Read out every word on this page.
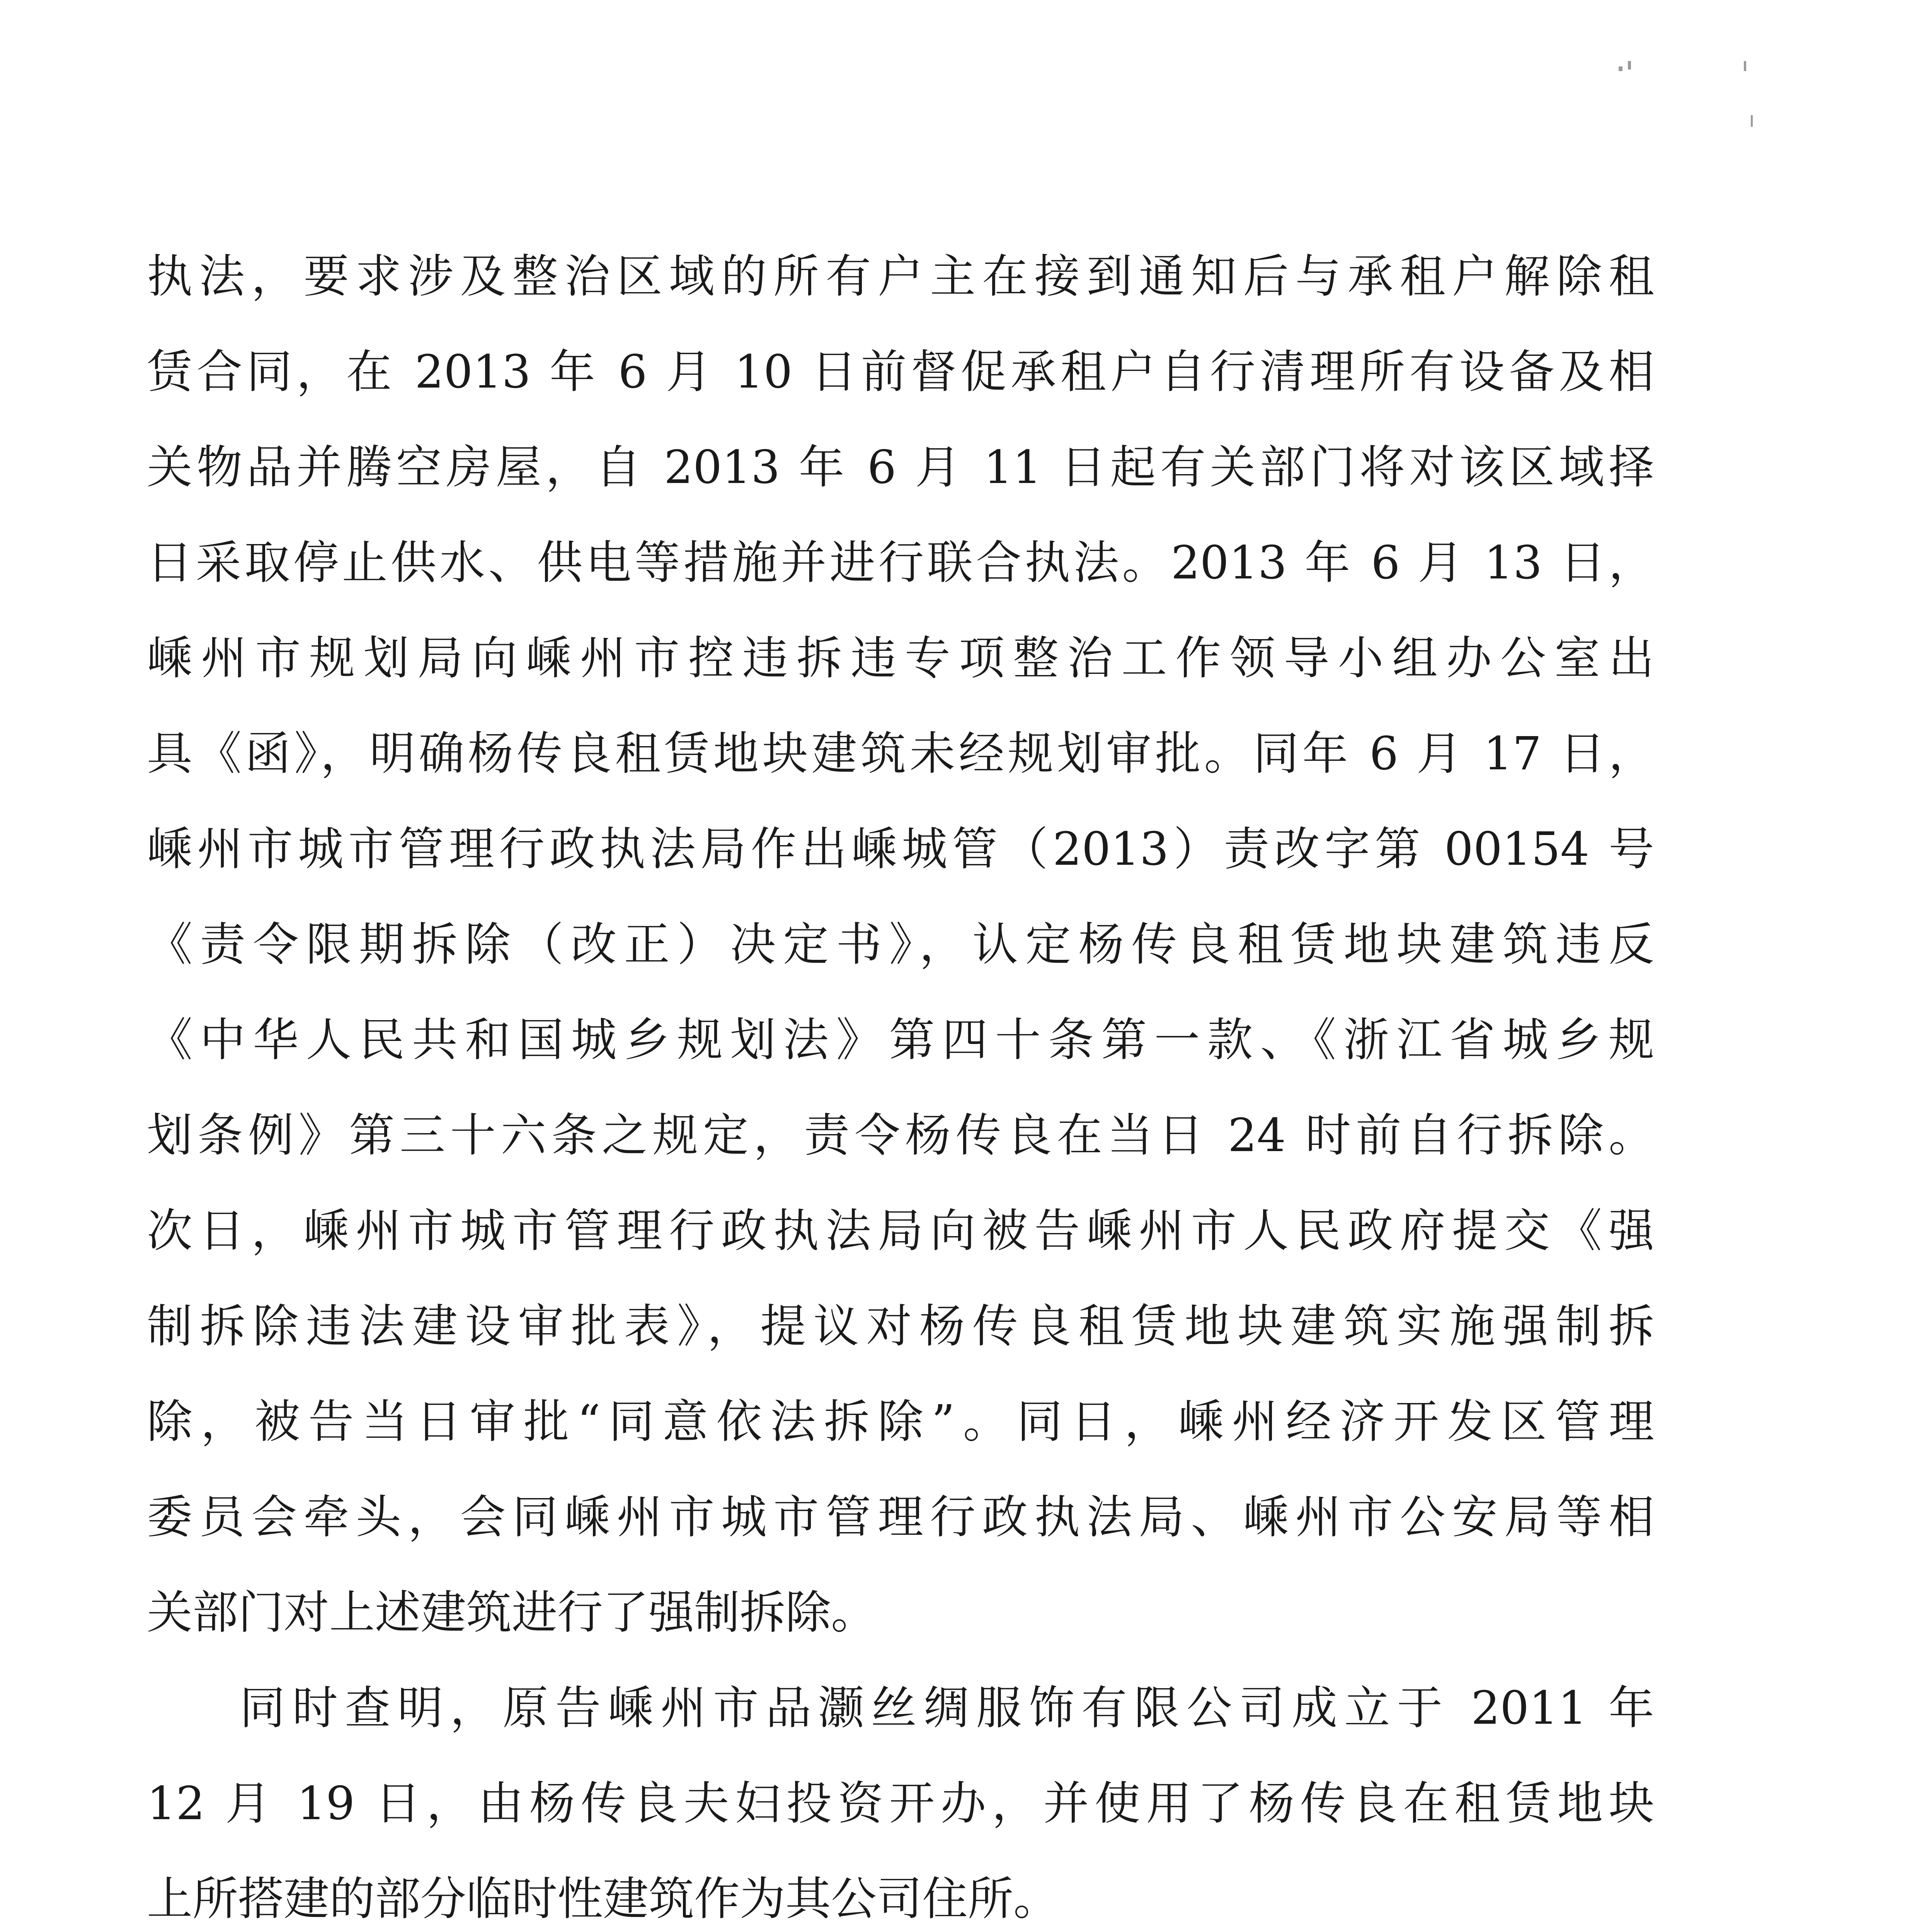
执法，要求涉及整治区域的所有户主在接到通知后与承租户解除租
赁合同，在 2013 年 6 月 10 日前督促承租户自行清理所有设备及相
关物品并腾空房屋，自 2013 年 6 月 11 日起有关部门将对该区域择
日采取停止供水、供电等措施并进行联合执法。2013 年 6 月 13 日，
嵊州市规划局向嵊州市控违拆违专项整治工作领导小组办公室出
具《函》，明确杨传良租赁地块建筑未经规划审批。同年 6 月 17 日，
嵊州市城市管理行政执法局作出嵊城管（2013）责改字第 00154 号
《责令限期拆除（改正）决定书》，认定杨传良租赁地块建筑违反
《中华人民共和国城乡规划法》第四十条第一款、《浙江省城乡规
划条例》第三十六条之规定，责令杨传良在当日 24 时前自行拆除。
次日，嵊州市城市管理行政执法局向被告嵊州市人民政府提交《强
制拆除违法建设审批表》，提议对杨传良租赁地块建筑实施强制拆
除，被告当日审批“同意依法拆除”。同日，嵊州经济开发区管理
委员会牵头，会同嵊州市城市管理行政执法局、嵊州市公安局等相
关部门对上述建筑进行了强制拆除。
同时查明，原告嵊州市品灏丝绸服饰有限公司成立于 2011 年
12 月 19 日，由杨传良夫妇投资开办，并使用了杨传良在租赁地块
上所搭建的部分临时性建筑作为其公司住所。
